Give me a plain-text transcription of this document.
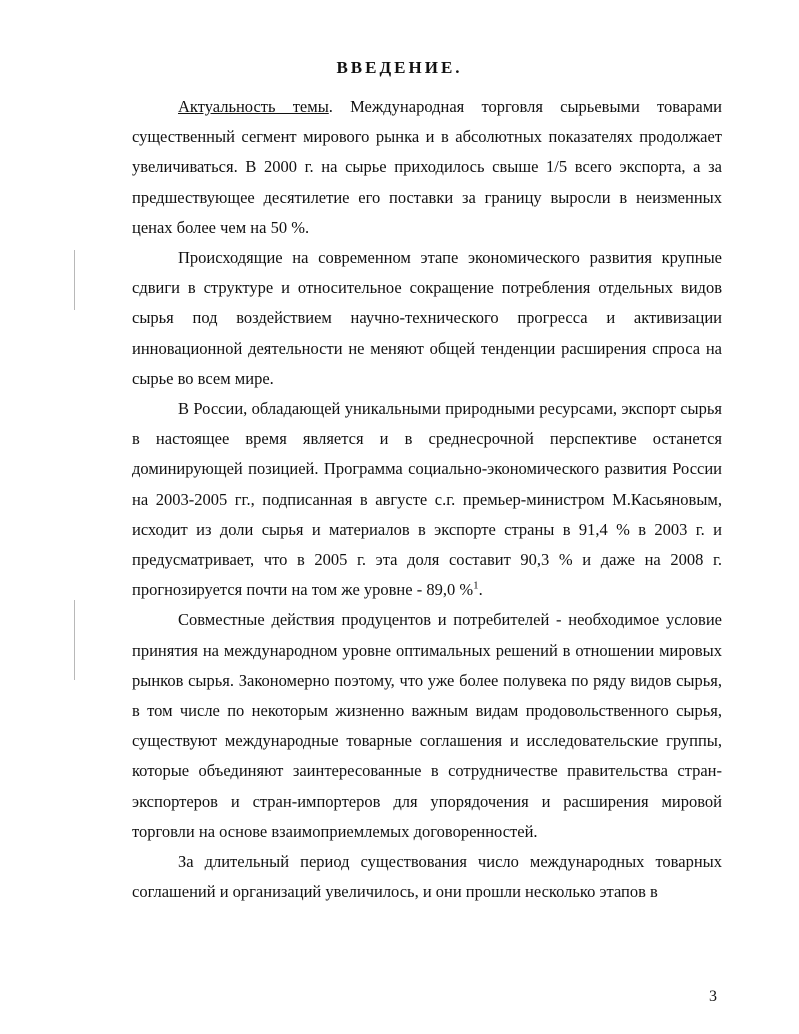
ВВЕДЕНИЕ.

Актуальность темы. Международная торговля сырьевыми товарами существенный сегмент мирового рынка и в абсолютных показателях продолжает увеличиваться. В 2000 г. на сырье приходилось свыше 1/5 всего экспорта, а за предшествующее десятилетие его поставки за границу выросли в неизменных ценах более чем на 50 %.

Происходящие на современном этапе экономического развития крупные сдвиги в структуре и относительное сокращение потребления отдельных видов сырья под воздействием научно-технического прогресса и активизации инновационной деятельности не меняют общей тенденции расширения спроса на сырье во всем мире.

В России, обладающей уникальными природными ресурсами, экспорт сырья в настоящее время является и в среднесрочной перспективе останется доминирующей позицией. Программа социально-экономического развития России на 2003-2005 гг., подписанная в августе с.г. премьер-министром М.Касьяновым, исходит из доли сырья и материалов в экспорте страны в 91,4 % в 2003 г. и предусматривает, что в 2005 г. эта доля составит 90,3 % и даже на 2008 г. прогнозируется почти на том же уровне - 89,0 %$^1$.

Совместные действия продуцентов и потребителей - необходимое условие принятия на международном уровне оптимальных решений в отношении мировых рынков сырья. Закономерно поэтому, что уже более полувека по ряду видов сырья, в том числе по некоторым жизненно важным видам продовольственного сырья, существуют международные товарные соглашения и исследовательские группы, которые объединяют заинтересованные в сотрудничестве правительства стран-экспортеров и стран-импортеров для упорядочения и расширения мировой торговли на основе взаимоприемлемых договоренностей.

За длительный период существования число международных товарных соглашений и организаций увеличилось, и они прошли несколько этапов в

3
